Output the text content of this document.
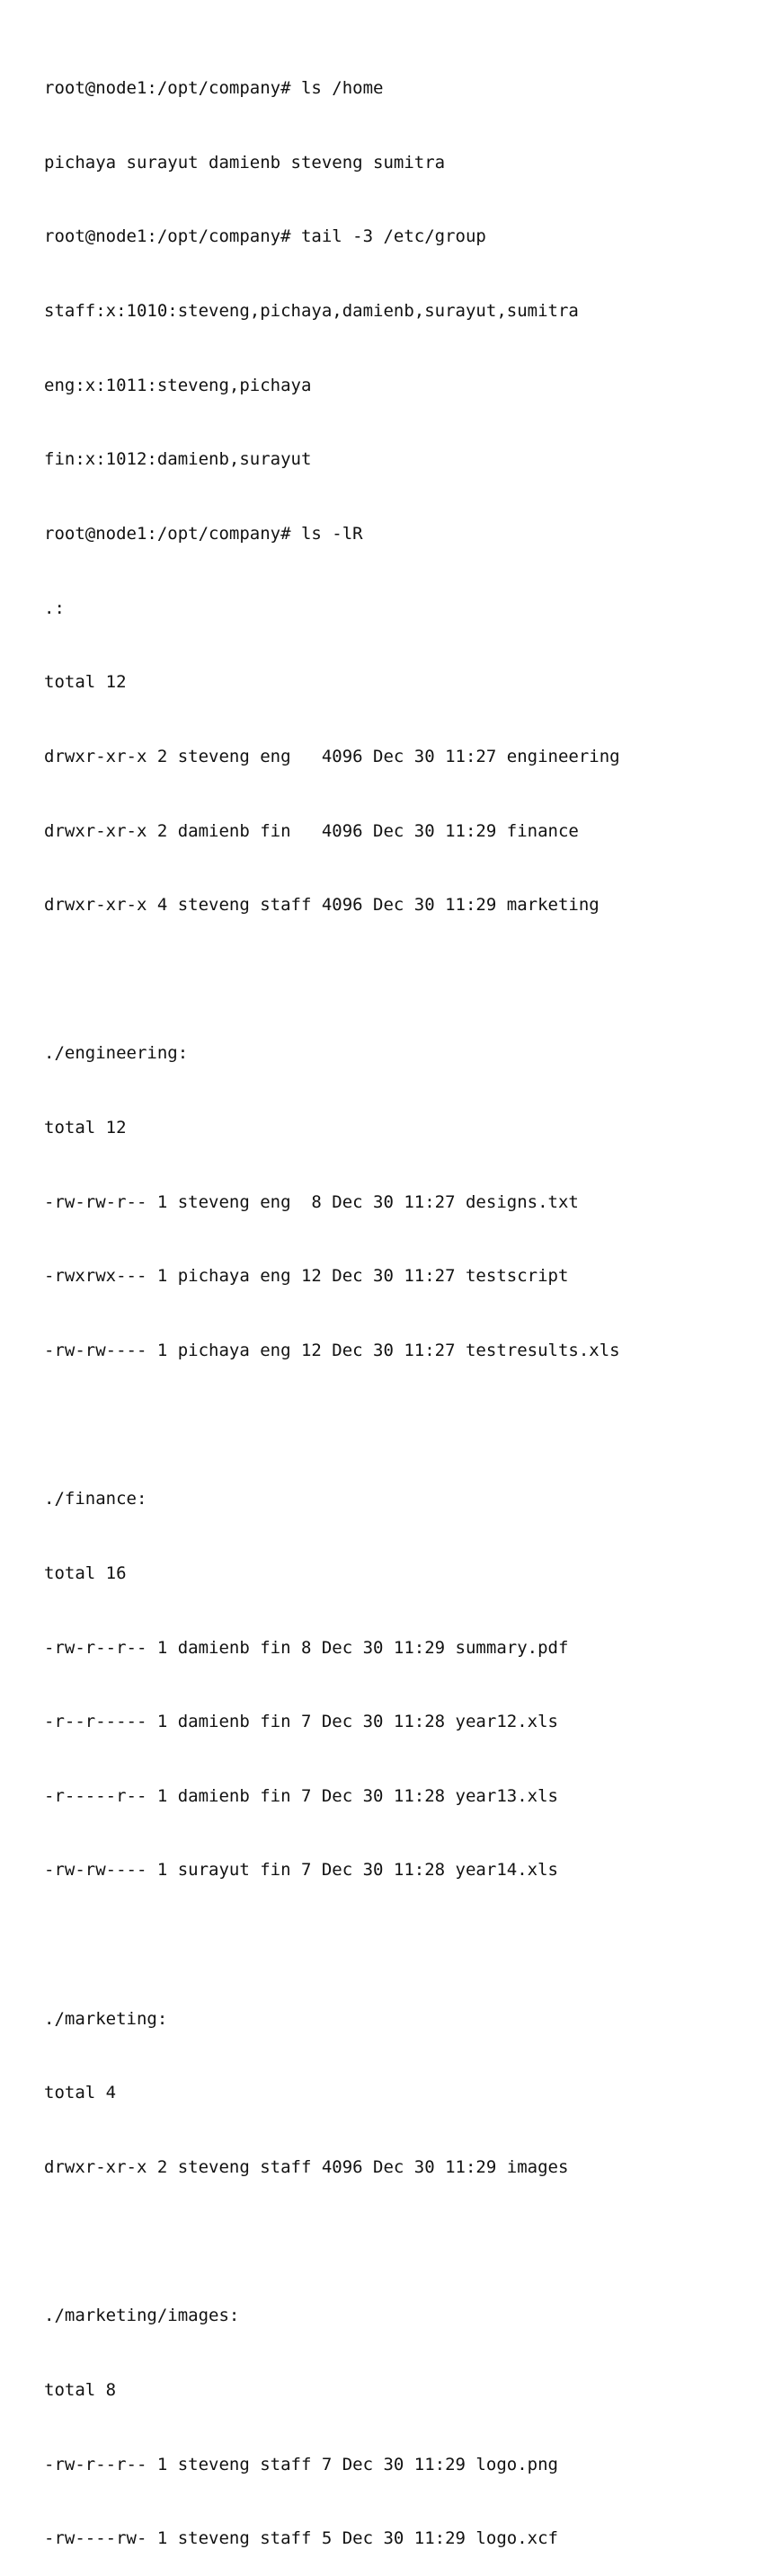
root@node1:/opt/company# ls /home

pichaya surayut damienb steveng sumitra

root@node1:/opt/company# tail -3 /etc/group

staff:x:1010:steveng,pichaya,damienb,surayut,sumitra

eng:x:1011:steveng,pichaya

fin:x:1012:damienb,surayut

root@node1:/opt/company# ls -lR

.:

total 12

drwxr-xr-x 2 steveng eng   4096 Dec 30 11:27 engineering

drwxr-xr-x 2 damienb fin   4096 Dec 30 11:29 finance

drwxr-xr-x 4 steveng staff 4096 Dec 30 11:29 marketing

./engineering:

total 12

-rw-rw-r-- 1 steveng eng  8 Dec 30 11:27 designs.txt

-rwxrwx--- 1 pichaya eng 12 Dec 30 11:27 testscript

-rw-rw---- 1 pichaya eng 12 Dec 30 11:27 testresults.xls

./finance:

total 16

-rw-r--r-- 1 damienb fin 8 Dec 30 11:29 summary.pdf

-r--r----- 1 damienb fin 7 Dec 30 11:28 year12.xls

-r-----r-- 1 damienb fin 7 Dec 30 11:28 year13.xls

-rw-rw---- 1 surayut fin 7 Dec 30 11:28 year14.xls

./marketing:

total 4

drwxr-xr-x 2 steveng staff 4096 Dec 30 11:29 images

./marketing/images:

total 8

-rw-r--r-- 1 steveng staff 7 Dec 30 11:29 logo.png

-rw----rw- 1 steveng staff 5 Dec 30 11:29 logo.xcf
